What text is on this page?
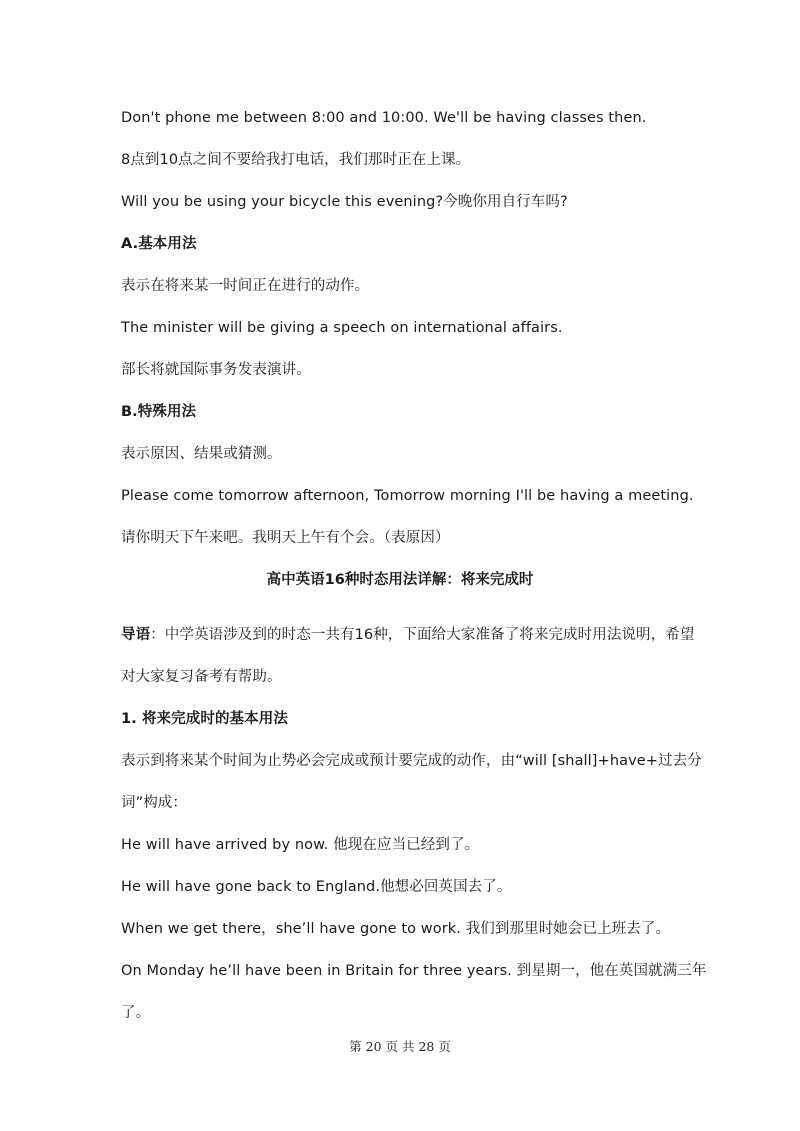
Don't phone me between 8:00 and 10:00. We'll be having classes then.
8点到10点之间不要给我打电话，我们那时正在上课。
Will you be using your bicycle this evening?今晚你用自行车吗?
A.基本用法
表示在将来某一时间正在进行的动作。
The minister will be giving a speech on international affairs.
部长将就国际事务发表演讲。
B.特殊用法
表示原因、结果或猜测。
Please come tomorrow afternoon, Tomorrow morning I'll be having a meeting.
请你明天下午来吧。我明天上午有个会。（表原因）
高中英语16种时态用法详解：将来完成时
导语：中学英语涉及到的时态一共有16种，下面给大家准备了将来完成时用法说明，希望
对大家复习备考有帮助。
1. 将来完成时的基本用法
表示到将来某个时间为止势必会完成或预计要完成的动作，由“will [shall]+have+过去分
词”构成：
He will have arrived by now. 他现在应当已经到了。
He will have gone back to England.他想必回英国去了。
When we get there，she’ll have gone to work. 我们到那里时她会已上班去了。
On Monday he’ll have been in Britain for three years. 到星期一，他在英国就满三年
了。
第 20 页 共 28 页
